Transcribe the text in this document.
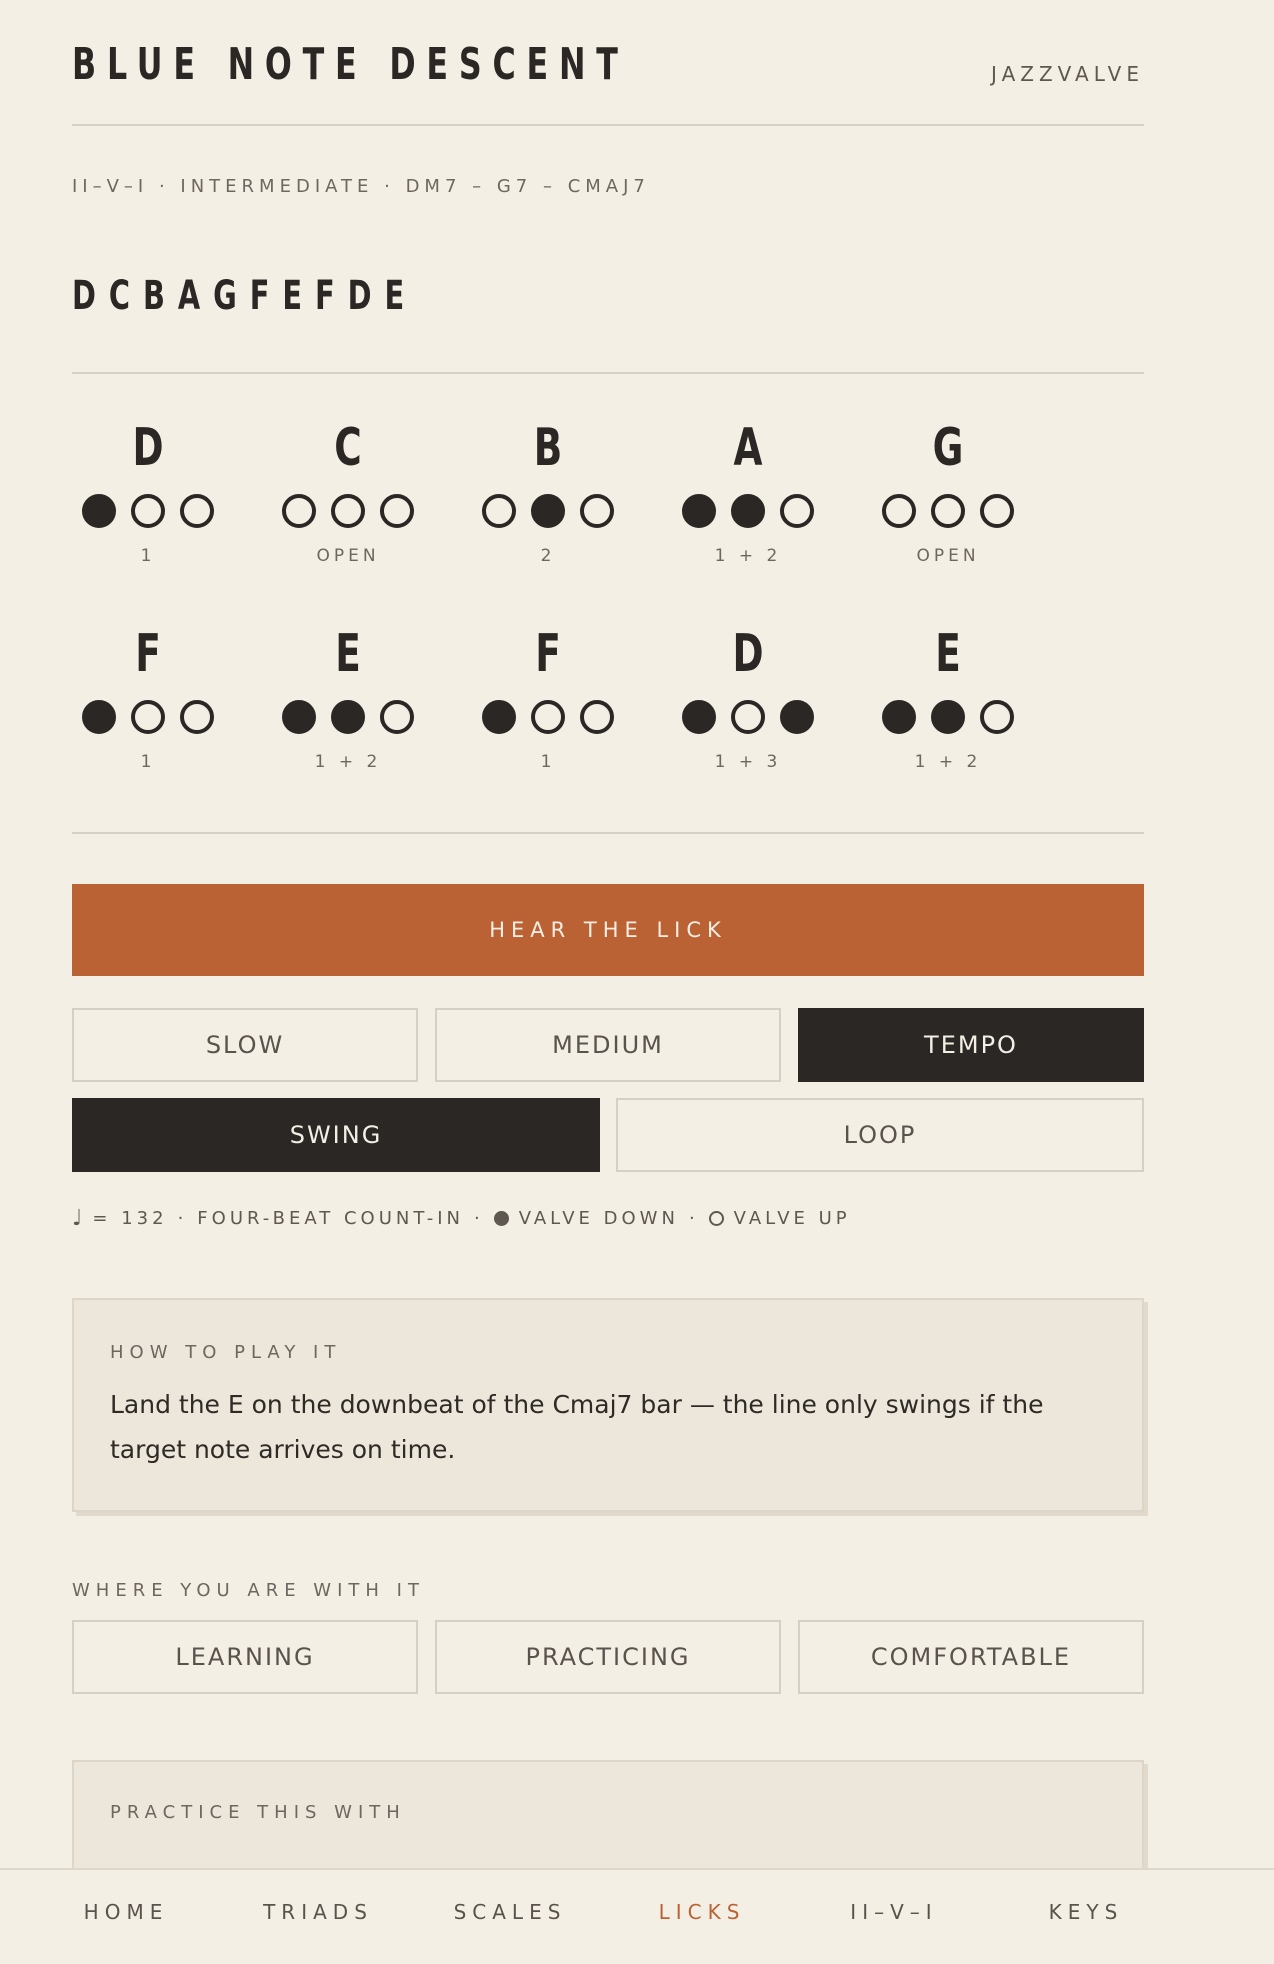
BLUE NOTE DESCENT	JAZZVALVE
II–V–I · INTERMEDIATE · DM7 – G7 – CMAJ7
DCBAGFEFDE
D
1
C
OPEN
B
2
A
1 + 2
G
OPEN
F
1
E
1 + 2
F
1
D
1 + 3
E
1 + 2
HEAR THE LICK
SLOW	MEDIUM	TEMPO
SWING	LOOP
♩ = 132 · FOUR-BEAT COUNT-IN · VALVE DOWN · VALVE UP
HOW TO PLAY IT
Land the E on the downbeat of the Cmaj7 bar — the line only swings if the target note arrives on time.
WHERE YOU ARE WITH IT
LEARNING	PRACTICING	COMFORTABLE
PRACTICE THIS WITH
HOME	TRIADS	SCALES	LICKS	II–V–I	KEYS
